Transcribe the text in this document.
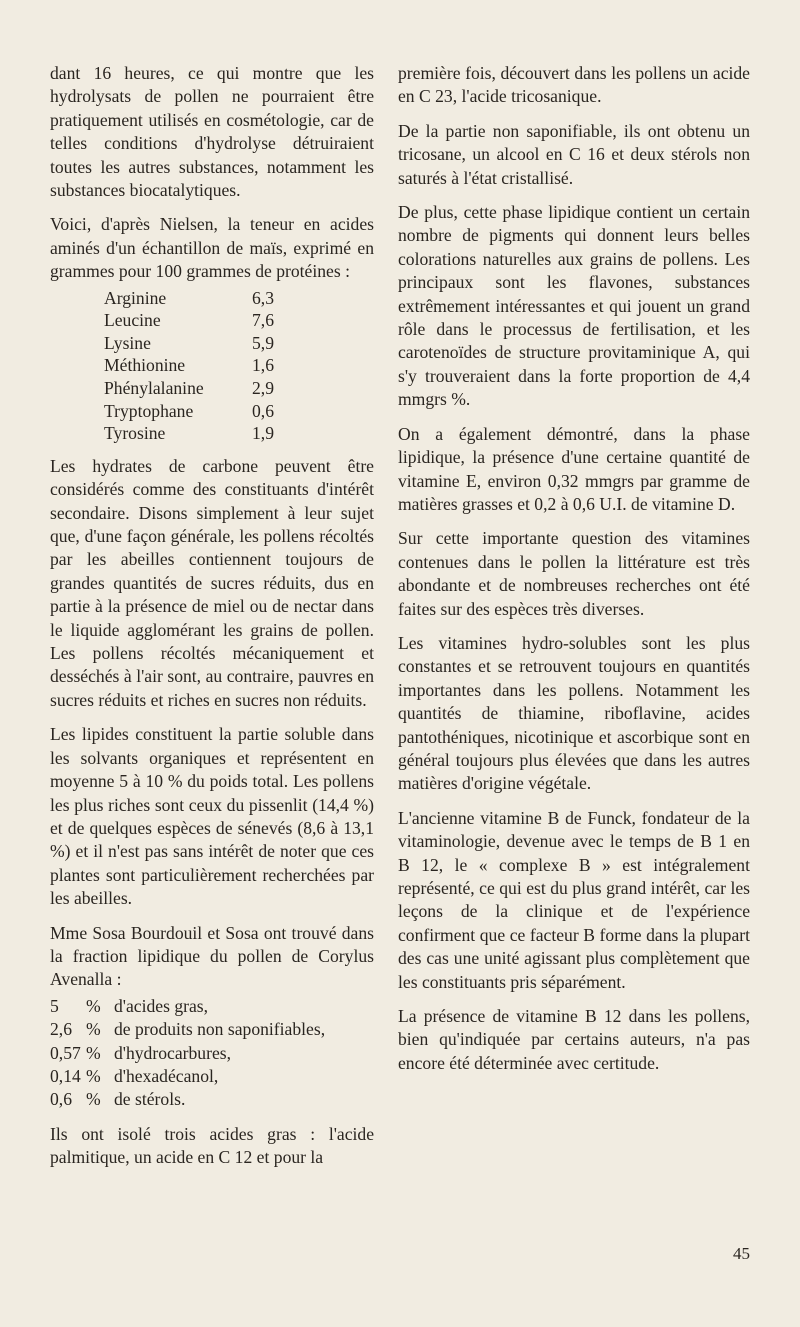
dant 16 heures, ce qui montre que les hydrolysats de pollen ne pourraient être pratiquement utilisés en cosmétologie, car de telles conditions d'hydrolyse détruiraient toutes les autres substances, notamment les substances biocatalytiques.

Voici, d'après Nielsen, la teneur en acides aminés d'un échantillon de maïs, exprimé en grammes pour 100 grammes de protéines :

Arginine	6,3
Leucine	7,6
Lysine	5,9
Méthionine	1,6
Phénylalanine	2,9
Tryptophane	0,6
Tyrosine	1,9

Les hydrates de carbone peuvent être considérés comme des constituants d'intérêt secondaire. Disons simplement à leur sujet que, d'une façon générale, les pollens récoltés par les abeilles contiennent toujours de grandes quantités de sucres réduits, dus en partie à la présence de miel ou de nectar dans le liquide agglomérant les grains de pollen. Les pollens récoltés mécaniquement et desséchés à l'air sont, au contraire, pauvres en sucres réduits et riches en sucres non réduits.

Les lipides constituent la partie soluble dans les solvants organiques et représentent en moyenne 5 à 10 % du poids total. Les pollens les plus riches sont ceux du pissenlit (14,4 %) et de quelques espèces de sénevés (8,6 à 13,1 %) et il n'est pas sans intérêt de noter que ces plantes sont particulièrement recherchées par les abeilles.

Mme Sosa Bourdouil et Sosa ont trouvé dans la fraction lipidique du pollen de Corylus Avenalla :

5	% d'acides gras,
2,6 % de produits non saponifiables,
0,57 % d'hydrocarbures,
0,14 % d'hexadécanol,
0,6 % de stérols.

Ils ont isolé trois acides gras : l'acide palmitique, un acide en C 12 et pour la

première fois, découvert dans les pollens un acide en C 23, l'acide tricosanique.

De la partie non saponifiable, ils ont obtenu un tricosane, un alcool en C 16 et deux stérols non saturés à l'état cristallisé.

De plus, cette phase lipidique contient un certain nombre de pigments qui donnent leurs belles colorations naturelles aux grains de pollens. Les principaux sont les flavones, substances extrêmement intéressantes et qui jouent un grand rôle dans le processus de fertilisation, et les carotenoïdes de structure provitaminique A, qui s'y trouveraient dans la forte proportion de 4,4 mmgrs %.

On a également démontré, dans la phase lipidique, la présence d'une certaine quantité de vitamine E, environ 0,32 mmgrs par gramme de matières grasses et 0,2 à 0,6 U.I. de vitamine D.

Sur cette importante question des vitamines contenues dans le pollen la littérature est très abondante et de nombreuses recherches ont été faites sur des espèces très diverses.

Les vitamines hydro-solubles sont les plus constantes et se retrouvent toujours en quantités importantes dans les pollens. Notamment les quantités de thiamine, riboflavine, acides pantothéniques, nicotinique et ascorbique sont en général toujours plus élevées que dans les autres matières d'origine végétale.

L'ancienne vitamine B de Funck, fondateur de la vitaminologie, devenue avec le temps de B 1 en B 12, le « complexe B » est intégralement représenté, ce qui est du plus grand intérêt, car les leçons de la clinique et de l'expérience confirment que ce facteur B forme dans la plupart des cas une unité agissant plus complètement que les constituants pris séparément.

La présence de vitamine B 12 dans les pollens, bien qu'indiquée par certains auteurs, n'a pas encore été déterminée avec certitude.

45
